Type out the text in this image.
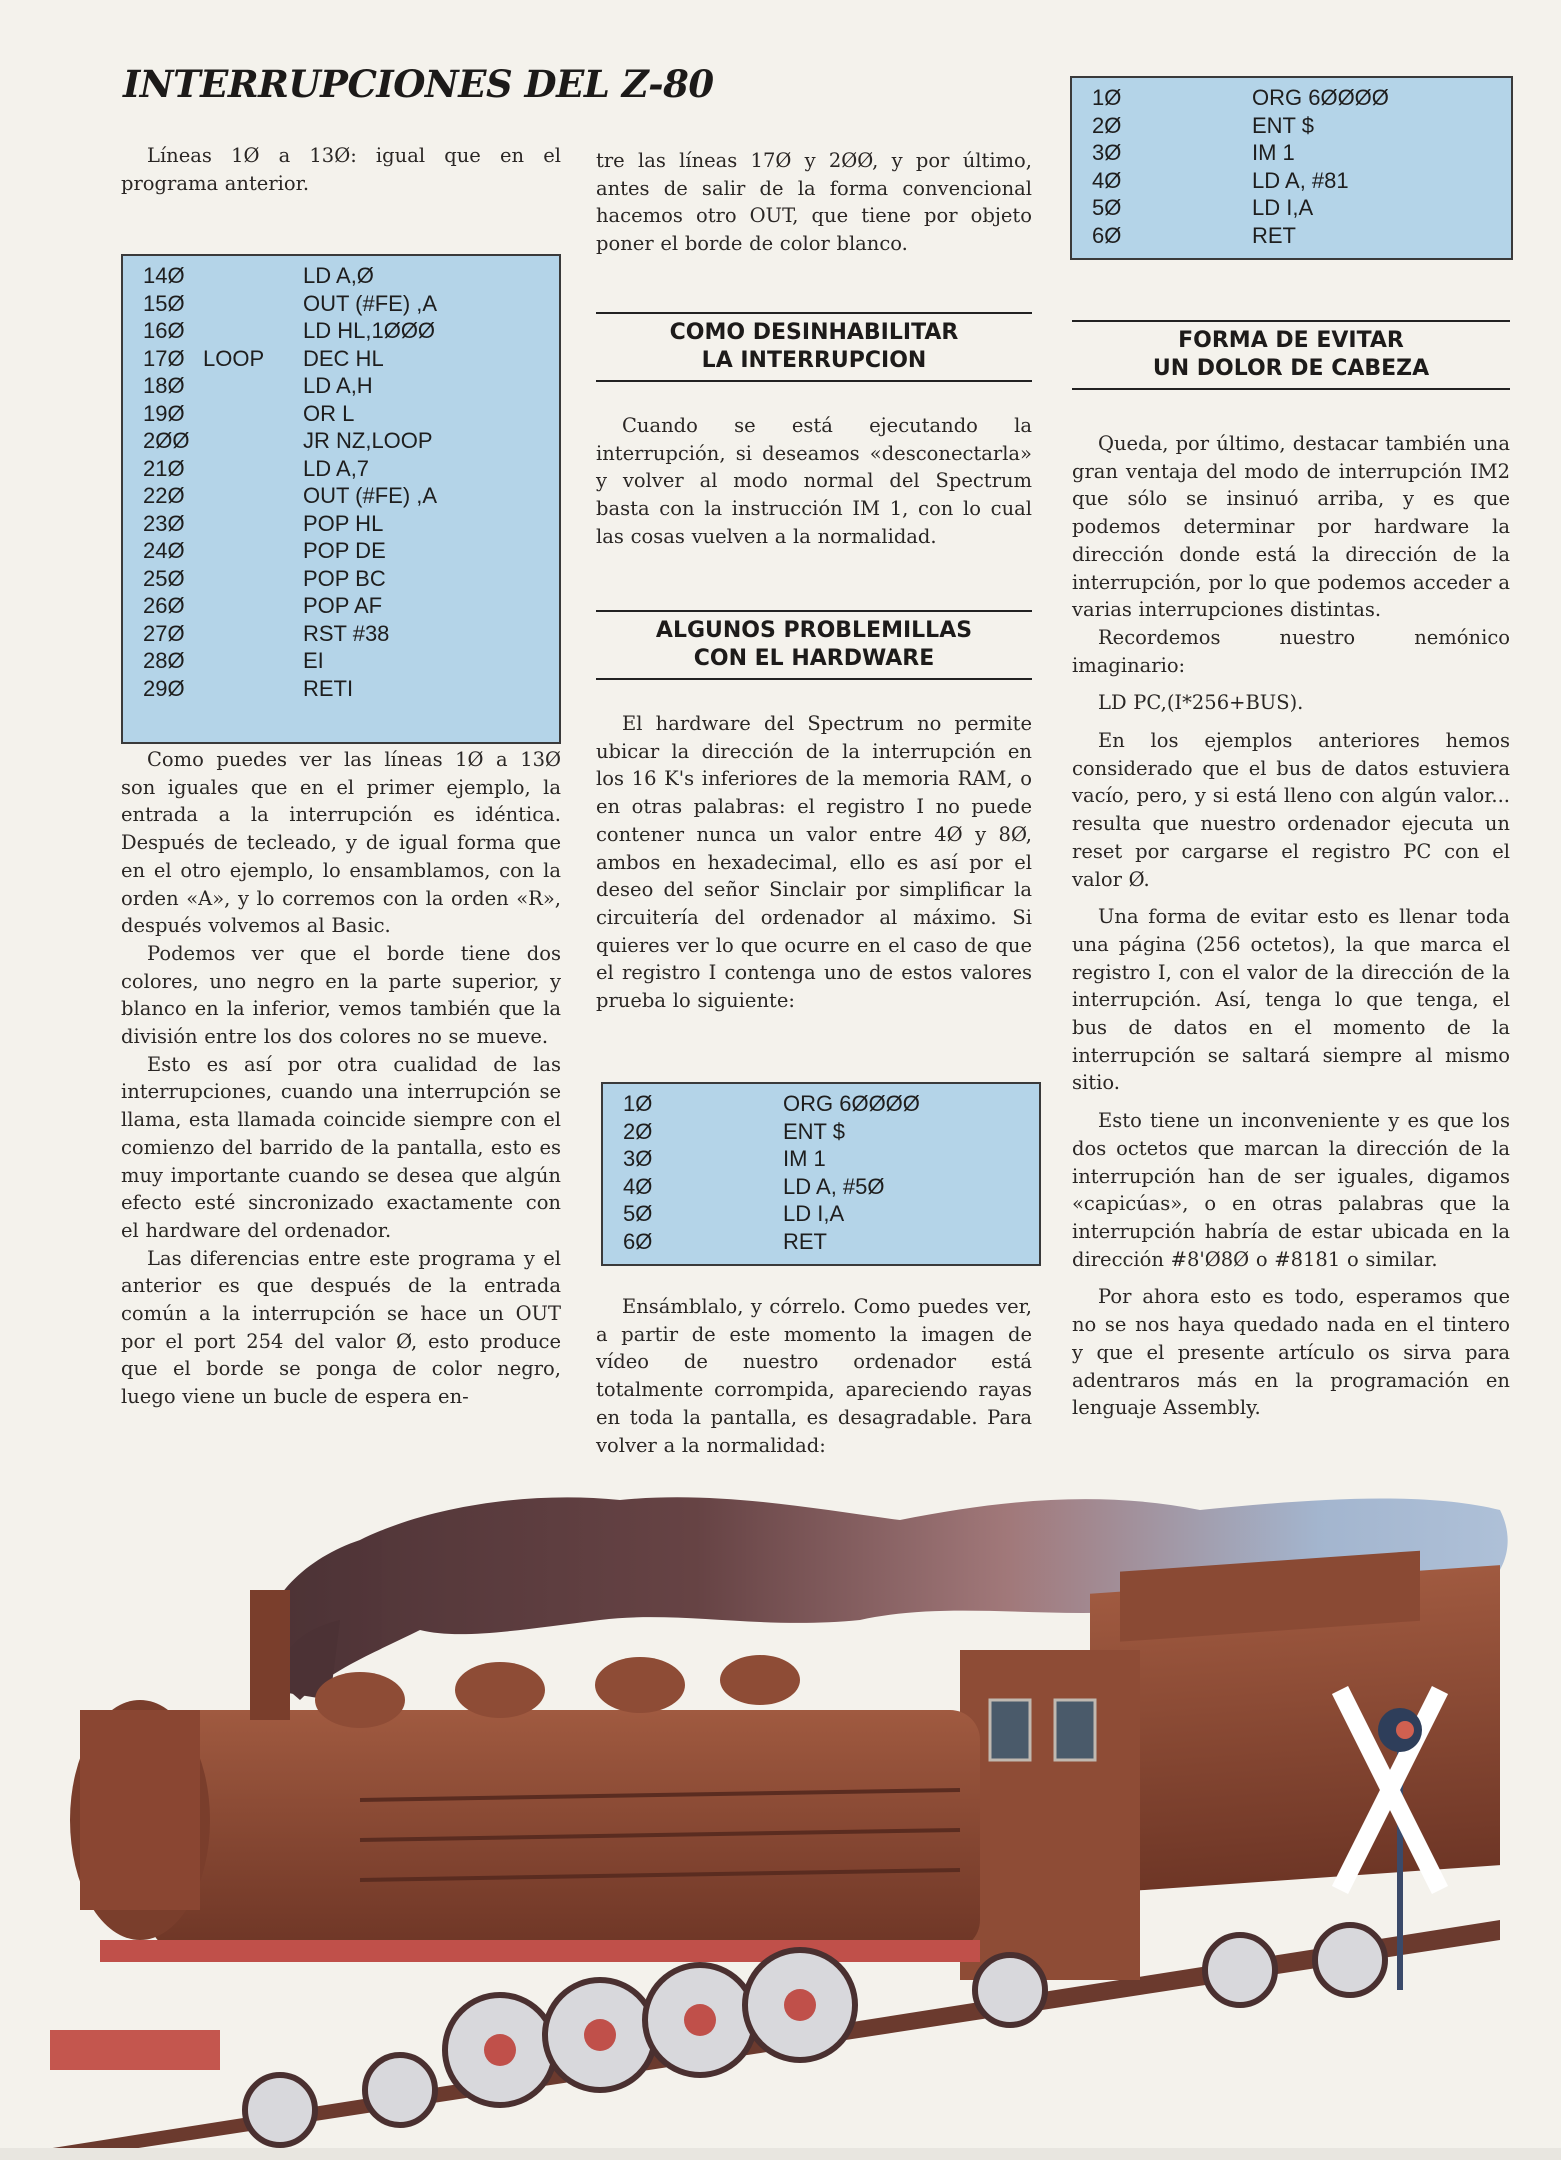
INTERRUPCIONES DEL Z-80

Líneas 1Ø a 13Ø: igual que en el programa anterior.

14Ø	LD A,Ø
15Ø	OUT (#FE) ,A
16Ø	LD HL,1ØØØ
17Ø LOOP	DEC HL
18Ø	LD A,H
19Ø	OR L
2ØØ	JR NZ,LOOP
21Ø	LD A,7
22Ø	OUT (#FE) ,A
23Ø	POP HL
24Ø	POP DE
25Ø	POP BC
26Ø	POP AF
27Ø	RST #38
28Ø	EI
29Ø	RETI

Como puedes ver las líneas 1Ø a 13Ø son iguales que en el primer ejemplo, la entrada a la interrupción es idéntica. Después de tecleado, y de igual forma que en el otro ejemplo, lo ensamblamos, con la orden «A», y lo corremos con la orden «R», después volvemos al Basic.

Podemos ver que el borde tiene dos colores, uno negro en la parte superior, y blanco en la inferior, vemos también que la división entre los dos colores no se mueve.

Esto es así por otra cualidad de las interrupciones, cuando una interrupción se llama, esta llamada coincide siempre con el comienzo del barrido de la pantalla, esto es muy importante cuando se desea que algún efecto esté sincronizado exactamente con el hardware del ordenador.

Las diferencias entre este programa y el anterior es que después de la entrada común a la interrupción se hace un OUT por el port 254 del valor Ø, esto produce que el borde se ponga de color negro, luego viene un bucle de espera en-

tre las líneas 17Ø y 2ØØ, y por último, antes de salir de la forma convencional hacemos otro OUT, que tiene por objeto poner el borde de color blanco.

COMO DESINHABILITAR
LA INTERRUPCION

Cuando se está ejecutando la interrupción, si deseamos «desconectarla» y volver al modo normal del Spectrum basta con la instrucción IM 1, con lo cual las cosas vuelven a la normalidad.

ALGUNOS PROBLEMILLAS
CON EL HARDWARE

El hardware del Spectrum no permite ubicar la dirección de la interrupción en los 16 K's inferiores de la memoria RAM, o en otras palabras: el registro I no puede contener nunca un valor entre 4Ø y 8Ø, ambos en hexadecimal, ello es así por el deseo del señor Sinclair por simplificar la circuitería del ordenador al máximo. Si quieres ver lo que ocurre en el caso de que el registro I contenga uno de estos valores prueba lo siguiente:

1Ø	ORG 6ØØØØ
2Ø	ENT $
3Ø	IM 1
4Ø	LD A, #5Ø
5Ø	LD I,A
6Ø	RET

Ensámblalo, y córrelo. Como puedes ver, a partir de este momento la imagen de vídeo de nuestro ordenador está totalmente corrompida, apareciendo rayas en toda la pantalla, es desagradable. Para volver a la normalidad:

1Ø	ORG 6ØØØØ
2Ø	ENT $
3Ø	IM 1
4Ø	LD A, #81
5Ø	LD I,A
6Ø	RET
FORMA DE EVITAR
UN DOLOR DE CABEZA

Queda, por último, destacar también una gran ventaja del modo de interrupción IM2 que sólo se insinuó arriba, y es que podemos determinar por hardware la dirección donde está la dirección de la interrupción, por lo que podemos acceder a varias interrupciones distintas.

Recordemos nuestro nemónico imaginario:

LD PC,(I*256+BUS).

En los ejemplos anteriores hemos considerado que el bus de datos estuviera vacío, pero, y si está lleno con algún valor... resulta que nuestro ordenador ejecuta un reset por cargarse el registro PC con el valor Ø.

Una forma de evitar esto es llenar toda una página (256 octetos), la que marca el registro I, con el valor de la dirección de la interrupción. Así, tenga lo que tenga, el bus de datos en el momento de la interrupción se saltará siempre al mismo sitio.

Esto tiene un inconveniente y es que los dos octetos que marcan la dirección de la interrupción han de ser iguales, digamos «capicúas», o en otras palabras que la interrupción habría de estar ubicada en la dirección #8'Ø8Ø o #8181 o similar.

Por ahora esto es todo, esperamos que no se nos haya quedado nada en el tintero y que el presente artículo os sirva para adentraros más en la programación en lenguaje Assembly.
